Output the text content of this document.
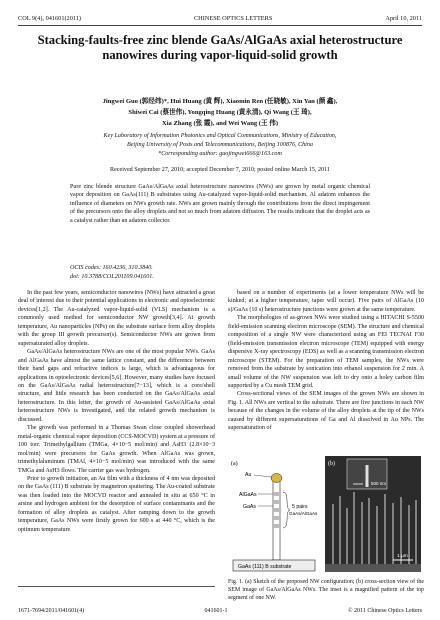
COL 9(4), 041601(2011)	CHINESE OPTICS LETTERS	April 10, 2011
Stacking-faults-free zinc blende GaAs/AlGaAs axial heterostructure nanowires during vapor-liquid-solid growth
Jingwei Guo (郭经纬)*, Hui Huang (黄 辉), Xiaomin Ren (任晓敏), Xin Yan (颜 鑫),
Shiwei Cai (蔡世伟), Yongqing Huang (黄永清), Qi Wang (王 琦),
Xia Zhang (张 霞), and Wei Wang (王 伟)
Key Laboratory of Information Photonics and Optical Communications, Ministry of Education,
Beijing University of Posts and Telecommunications, Beijing 100876, China
*Corresponding author: guojingwei666@163.com
Received September 27, 2010; accepted December 7, 2010; posted online March 15, 2011
Pure zinc blende structure GaAs/AlGaAs axial heterostructure nanowires (NWs) are grown by metal organic chemical vapor deposition on GaAs(111) B substrates using Au-catalyzed vapor-liquid-solid mechanism. Al adatom enhances the influence of diameters on NWs growth rate. NWs are grown mainly through the contributions from the direct impingement of the precursors onto the alloy droplets and not so much from adatom diffusion. The results indicate that the droplet acts as a catalyst rather than an adatom collector.
OCIS codes: 160.4236, 310.3840.
doi: 10.3788/COL201109.041601.

In the past few years, semiconductor nanowires (NWs) have attracted a great deal of interest due to their potential applications in electronic and optoelectronic devices[1,2]. The Au-catalyzed vapor-liquid-solid (VLS) mechanism is a commonly used method for semiconductor NW growth[3,4]. At growth temperature, Au nanoparticles (NPs) on the substrate surface form alloy droplets with the group III growth precursor(s). Semiconductor NWs are grown from supersaturated alloy droplets.

GaAs/AlGaAs heterostructure NWs are one of the most popular NWs. GaAs and AlGaAs have almost the same lattice constant, and the difference between their band gaps and refractive indices is large, which is advantageous for applications in optoelectronic devices[5,6]. However, many studies have focused on the GaAs/AlGaAs radial heterostructure[7−13], which is a core/shell structure, and little research has been conducted on the GaAs/AlGaAs axial heterostructure. In this letter, the growth of Au-assisted GaAs/AlGaAs axial heterostructure NWs is investigated, and the related growth mechanism is discussed.

The growth was performed in a Thomas Swan close coupled showerhead metal-organic chemical vapor deposition (CCS-MOCVD) system at a pressure of 100 torr. Trimethylgallium (TMGa, 4×10−5 mol/min) and AsH3 (2.8×10−3 mol/min) were precursors for GaAs growth. When AlGaAs was grown, trimethylaluminum (TMAl, 4×10−5 mol/min) was introduced with the same TMGa and AsH3 flows. The carrier gas was hydrogen.

Prior to growth initiation, an Au film with a thickness of 4 nm was deposited on the GaAs (111) B substrate by magnetron sputtering. The Au-coated substrate was then loaded into the MOCVD reactor and annealed in situ at 650 °C in arsine and hydrogen ambient for the desorption of surface contaminants and the formation of alloy droplets as catalyst. After ramping down to the growth temperature, GaAs NWs were firstly grown for 600 s at 440 °C, which is the optimum temperature

based on a number of experiments (at a lower temperature NWs will be kinked; at a higher temperature, taper will occur). Five pairs of AlGaAs (10 s)/GaAs (10 s) heterostructure junctions were grown at the same temperature.

The morphologies of as-grown NWs were studied using a HITACHI S-5500 field-emission scanning electron microscope (SEM). The structure and chemical composition of a single NW were characterized using an FEI TECNAI F30 (field-emission transmission electron microscope (TEM) equipped with energy dispersive X-ray spectroscopy (EDS) as well as a scanning transmission electron microscope (STEM). For the preparation of TEM samples, the NWs were removed from the substrate by sonication into ethanol suspension for 2 min. A small volume of the NW suspension was left to dry onto a holey carbon film supported by a Cu mesh TEM grid.

Cross-sectional views of the SEM images of the grown NWs are shown in Fig. 1. All NWs are vertical to the substrate. There are five junctions in each NW because of the changes in the volume of the alloy droplets at the tip of the NWs caused by different supersaturations of Ga and Al dissolved in Au NPs. The supersaturation of

(a)
GaAs (111) B substrate
Au
AlGaAs
GaAs	5 pairs
GaAs/AlGaAs
(b)
500 nm
1 μm
Fig. 1. (a) Sketch of the proposed NW configuration; (b) cross-section view of the SEM image of GaAs/AlGaAs NWs. The inset is a magnified pattern of the top segment of one NW.
1671-7694/2011/041601(4)	041601-1	© 2011 Chinese Optics Letters
